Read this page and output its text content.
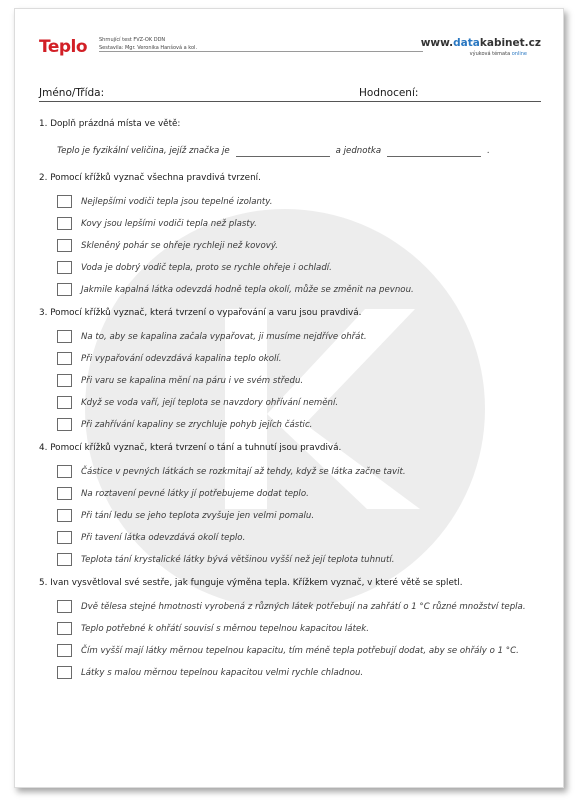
Teplo Shrnující test FVZ-OK DDN
Sestavila: Mgr. Veronika Hanšová a kol.	www.datakabinet.cz
výuková témata online
Jméno/Třída:	Hodnocení:
1. Doplň prázdná místa ve větě:
Teplo je fyzikální veličina, jejíž značka je	a jednotka	.
2. Pomocí křížků vyznač všechna pravdivá tvrzení.
Nejlepšími vodiči tepla jsou tepelné izolanty.
Kovy jsou lepšími vodiči tepla než plasty.
Skleněný pohár se ohřeje rychleji než kovový.
Voda je dobrý vodič tepla, proto se rychle ohřeje i ochladí.
Jakmile kapalná látka odevzdá hodně tepla okolí, může se změnit na pevnou.
3. Pomocí křížků vyznač, která tvrzení o vypařování a varu jsou pravdivá.
Na to, aby se kapalina začala vypařovat, ji musíme nejdříve ohřát.
Při vypařování odevzdává kapalina teplo okolí.
Při varu se kapalina mění na páru i ve svém středu.
Když se voda vaří, její teplota se navzdory ohřívání nemění.
Při zahřívání kapaliny se zrychluje pohyb jejích částic.
4. Pomocí křížků vyznač, která tvrzení o tání a tuhnutí jsou pravdivá.
Částice v pevných látkách se rozkmitají až tehdy, když se látka začne tavit.
Na roztavení pevné látky jí potřebujeme dodat teplo.
Při tání ledu se jeho teplota zvyšuje jen velmi pomalu.
Při tavení látka odevzdává okolí teplo.
Teplota tání krystalické látky bývá většinou vyšší než její teplota tuhnutí.
5. Ivan vysvětloval své sestře, jak funguje výměna tepla. Křížkem vyznač, v které větě se spletl.
Dvě tělesa stejné hmotnosti vyrobená z různých látek potřebují na zahřátí o 1 °C různé množství tepla.
Teplo potřebné k ohřátí souvisí s měrnou tepelnou kapacitou látek.
Čím vyšší mají látky měrnou tepelnou kapacitu, tím méně tepla potřebují dodat, aby se ohřály o 1 °C.
Látky s malou měrnou tepelnou kapacitou velmi rychle chladnou.
